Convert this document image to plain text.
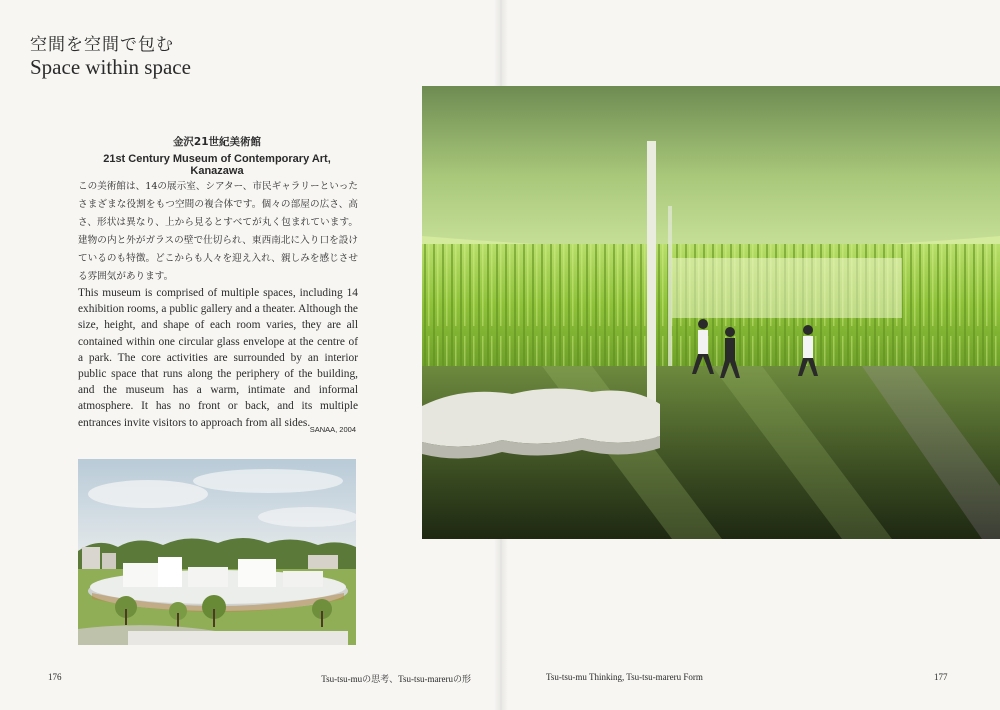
空間を空間で包む
Space within space
金沢21世紀美術館
21st Century Museum of Contemporary Art, Kanazawa
この美術館は、14の展示室、シアター、市民ギャラリーといったさまざまな役割をもつ空間の複合体です。個々の部屋の広さ、高さ、形状は異なり、上から見るとすべてが丸く包まれています。建物の内と外がガラスの壁で仕切られ、東西南北に入り口を設けているのも特徴。どこからも人々を迎え入れ、親しみを感じさせる雰囲気があります。
This museum is comprised of multiple spaces, including 14 exhibition rooms, a public gallery and a theater. Although the size, height, and shape of each room varies, they are all contained within one circular glass envelope at the centre of a park. The core activities are surrounded by an interior public space that runs along the periphery of the building, and the museum has a warm, intimate and informal atmosphere. It has no front or back, and its multiple entrances invite visitors to approach from all sides.
SANAA, 2004
176	Tsu-tsu-muの思考、Tsu-tsu-mareruの形	Tsu-tsu-mu Thinking, Tsu-tsu-mareru Form	177
